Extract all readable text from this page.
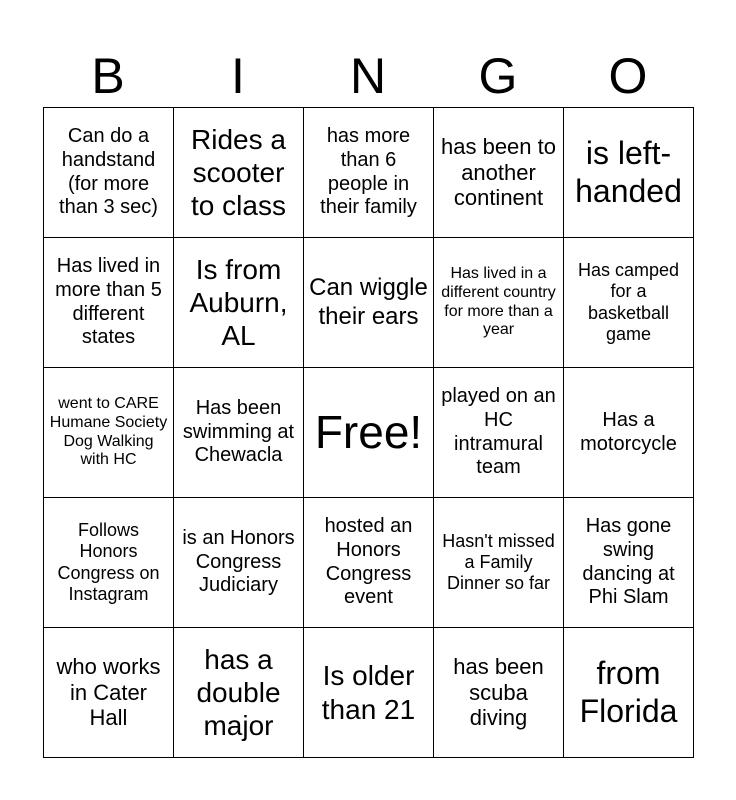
B	I	N	G	O
Can do a handstand (for more than 3 sec)	Rides a scooter to class	has more than 6 people in their family	has been to another continent	is left-handed
Has lived in more than 5 different states	Is from Auburn, AL	Can wiggle their ears	Has lived in a different country for more than a year	Has camped for a basketball game
went to CARE Humane Society Dog Walking with HC	Has been swimming at Chewacla	Free!	played on an HC intramural team	Has a motorcycle
Follows Honors Congress on Instagram	is an Honors Congress Judiciary	hosted an Honors Congress event	Hasn't missed a Family Dinner so far	Has gone swing dancing at Phi Slam
who works in Cater Hall	has a double major	Is older than 21	has been scuba diving	from Florida
